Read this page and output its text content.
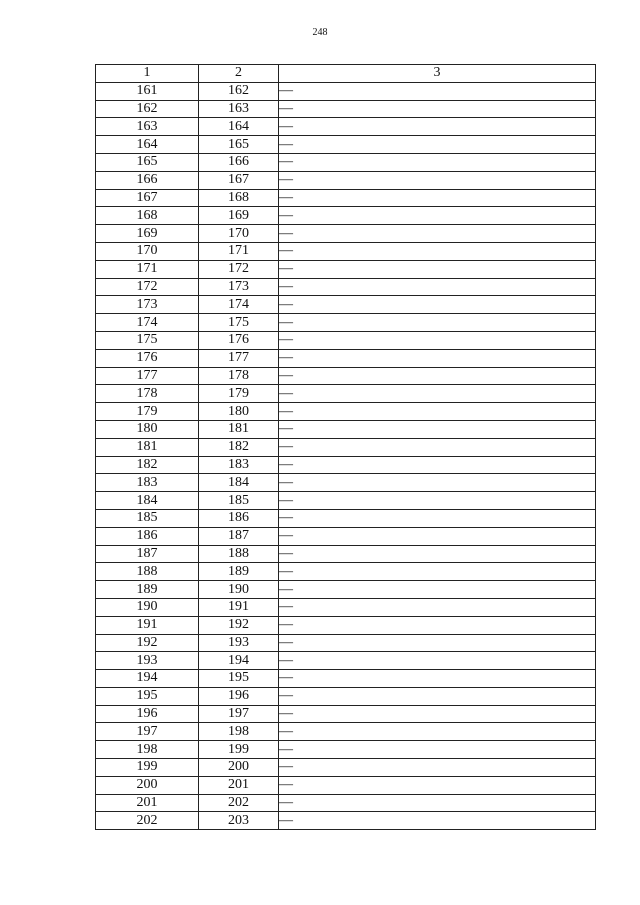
248
1	2	3
161	162	—
162	163	—
163	164	—
164	165	—
165	166	—
166	167	—
167	168	—
168	169	—
169	170	—
170	171	—
171	172	—
172	173	—
173	174	—
174	175	—
175	176	—
176	177	—
177	178	—
178	179	—
179	180	—
180	181	—
181	182	—
182	183	—
183	184	—
184	185	—
185	186	—
186	187	—
187	188	—
188	189	—
189	190	—
190	191	—
191	192	—
192	193	—
193	194	—
194	195	—
195	196	—
196	197	—
197	198	—
198	199	—
199	200	—
200	201	—
201	202	—
202	203	—
